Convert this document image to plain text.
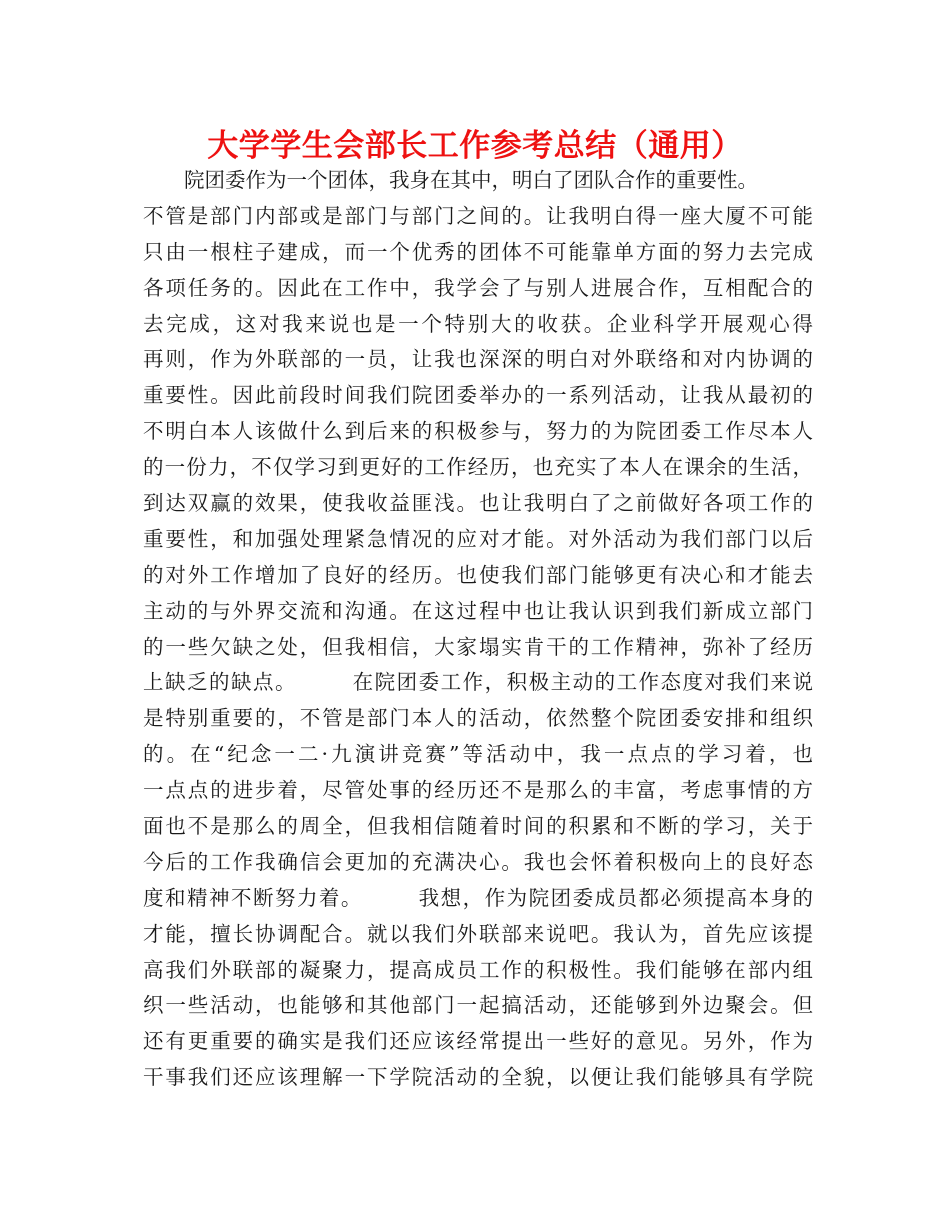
大学学生会部长工作参考总结（通用）
　　院团委作为一个团体，我身在其中，明白了团队合作的重要性。
不管是部门内部或是部门与部门之间的。让我明白得一座大厦不可能
只由一根柱子建成，而一个优秀的团体不可能靠单方面的努力去完成
各项任务的。因此在工作中，我学会了与别人进展合作，互相配合的
去完成，这对我来说也是一个特别大的收获。企业科学开展观心得
再则，作为外联部的一员，让我也深深的明白对外联络和对内协调的
重要性。因此前段时间我们院团委举办的一系列活动，让我从最初的
不明白本人该做什么到后来的积极参与，努力的为院团委工作尽本人
的一份力，不仅学习到更好的工作经历，也充实了本人在课余的生活，
到达双赢的效果，使我收益匪浅。也让我明白了之前做好各项工作的
重要性，和加强处理紧急情况的应对才能。对外活动为我们部门以后
的对外工作增加了良好的经历。也使我们部门能够更有决心和才能去
主动的与外界交流和沟通。在这过程中也让我认识到我们新成立部门
的一些欠缺之处，但我相信，大家塌实肯干的工作精神，弥补了经历
上缺乏的缺点。　　　在院团委工作，积极主动的工作态度对我们来说
是特别重要的，不管是部门本人的活动，依然整个院团委安排和组织
的。在“纪念一二·九演讲竞赛”等活动中，我一点点的学习着，也
一点点的进步着，尽管处事的经历还不是那么的丰富，考虑事情的方
面也不是那么的周全，但我相信随着时间的积累和不断的学习，关于
今后的工作我确信会更加的充满决心。我也会怀着积极向上的良好态
度和精神不断努力着。　　　我想，作为院团委成员都必须提高本身的
才能，擅长协调配合。就以我们外联部来说吧。我认为，首先应该提
高我们外联部的凝聚力，提高成员工作的积极性。我们能够在部内组
织一些活动，也能够和其他部门一起搞活动，还能够到外边聚会。但
还有更重要的确实是我们还应该经常提出一些好的意见。另外，作为
干事我们还应该理解一下学院活动的全貌，以便让我们能够具有学院
